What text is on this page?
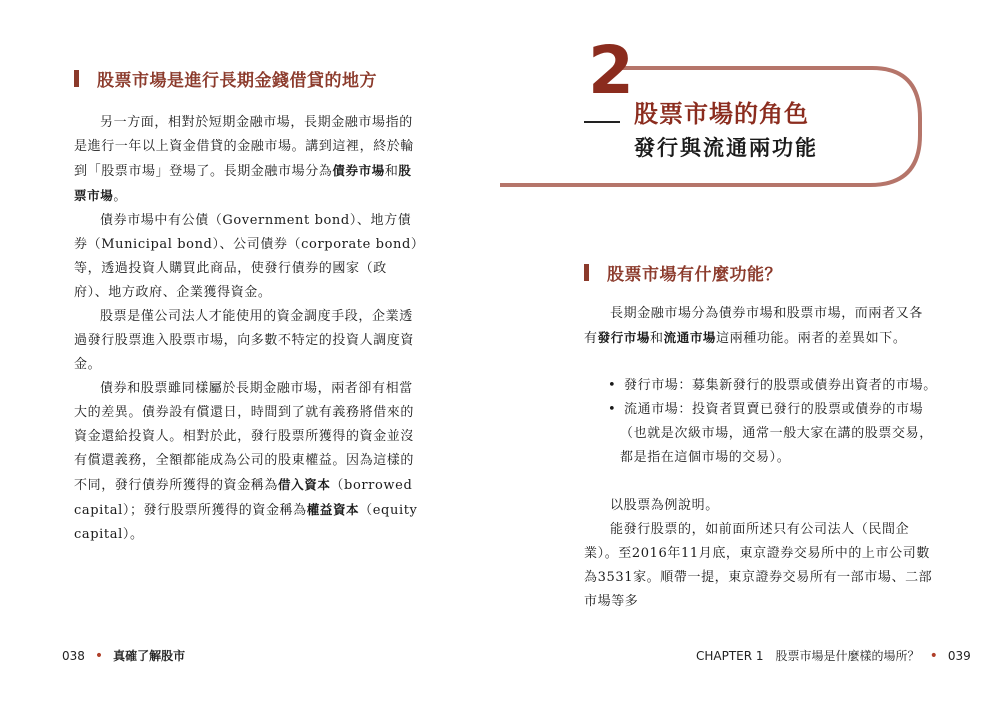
股票市場是進行長期金錢借貸的地方

另一方面，相對於短期金融市場，長期金融市場指的是進行一年以上資金借貸的金融市場。講到這裡，終於輪到「股票市場」登場了。長期金融市場分為債券市場和股票市場。

債券市場中有公債（Government bond）、地方債券（Municipal bond）、公司債券（corporate bond）等，透過投資人購買此商品，使發行債券的國家（政府）、地方政府、企業獲得資金。

股票是僅公司法人才能使用的資金調度手段，企業透過發行股票進入股票市場，向多數不特定的投資人調度資金。

債券和股票雖同樣屬於長期金融市場，兩者卻有相當大的差異。債券設有償還日，時間到了就有義務將借來的資金還給投資人。相對於此，發行股票所獲得的資金並沒有償還義務，全額都能成為公司的股東權益。因為這樣的不同，發行債券所獲得的資金稱為借入資本（borrowed capital）；發行股票所獲得的資金稱為權益資本（equity capital）。

038 • 真確了解股市
2
股票市場的角色
發行與流通兩功能
股票市場有什麼功能？

長期金融市場分為債券市場和股票市場，而兩者又各有發行市場和流通市場這兩種功能。兩者的差異如下。

• 發行市場：募集新發行的股票或債券出資者的市場。
• 流通市場：投資者買賣已發行的股票或債券的市場

（也就是次級市場，通常一般大家在講的股票交易，都是指在這個市場的交易）。

以股票為例說明。

能發行股票的，如前面所述只有公司法人（民間企業）。至2016年11月底，東京證券交易所中的上市公司數為3531家。順帶一提，東京證券交易所有一部市場、二部市場等多

CHAPTER 1　股票市場是什麼樣的場所？ • 039
